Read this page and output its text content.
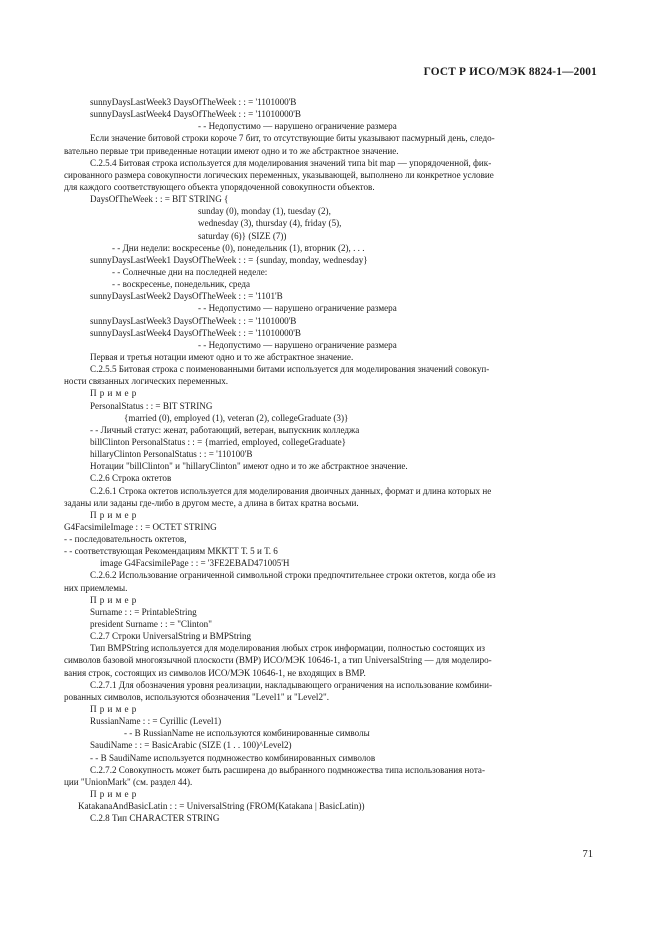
ГОСТ Р ИСО/МЭК 8824-1—2001
sunnyDaysLastWeek3 DaysOfTheWeek : : = '1101000'B
sunnyDaysLastWeek4 DaysOfTheWeek : : = '11010000'B
- - Недопустимо — нарушено ограничение размера
Если значение битовой строки короче 7 бит, то отсутствующие биты указывают пасмурный день, следо-
вательно первые три приведенные нотации имеют одно и то же абстрактное значение.
C.2.5.4 Битовая строка используется для моделирования значений типа bit map — упорядоченной, фик-
сированного размера совокупности логических переменных, указывающей, выполнено ли конкретное условие
для каждого соответствующего объекта упорядоченной совокупности объектов.
DaysOfTheWeek : : = BIT STRING {
sunday (0), monday (1), tuesday (2),
wednesday (3), thursday (4), friday (5),
saturday (6)} (SIZE (7))
- - Дни недели: воскресенье (0), понедельник (1), вторник (2), . . .
sunnyDaysLastWeek1 DaysOfTheWeek : : = {sunday, monday, wednesday}
- - Солнечные дни на последней неделе:
- - воскресенье, понедельник, среда
sunnyDaysLastWeek2 DaysOfTheWeek : : = '1101'B
- - Недопустимо — нарушено ограничение размера
sunnyDaysLastWeek3 DaysOfTheWeek : : = '1101000'B
sunnyDaysLastWeek4 DaysOfTheWeek : : = '11010000'B
- - Недопустимо — нарушено ограничение размера
Первая и третья нотации имеют одно и то же абстрактное значение.
C.2.5.5 Битовая строка с поименованными битами используется для моделирования значений совокуп-
ности связанных логических переменных.
Пример
PersonalStatus : : = BIT STRING
{married (0), employed (1), veteran (2), collegeGraduate (3)}
- - Личный статус: женат, работающий, ветеран, выпускник колледжа
billClinton PersonalStatus : : = {married, employed, collegeGraduate}
hillaryClinton PersonalStatus : : = '110100'B
Нотации "billClinton" и "hillaryClinton" имеют одно и то же абстрактное значение.
C.2.6 Строка октетов
C.2.6.1 Строка октетов используется для моделирования двоичных данных, формат и длина которых не
заданы или заданы где-либо в другом месте, а длина в битах кратна восьми.
Пример
G4FacsimileImage : : = OCTET STRING
- - последовательность октетов,
- - соответствующая Рекомендациям МККТТ Т. 5 и Т. 6
image G4FacsimilePage : : = '3FE2EBAD471005'H
C.2.6.2 Использование ограниченной символьной строки предпочтительнее строки октетов, когда обе из
них приемлемы.
Пример
Surname : : = PrintableString
president Surname : : = "Clinton"
C.2.7 Строки UniversalString и BMPString
Тип BMPString используется для моделирования любых строк информации, полностью состоящих из
символов базовой многоязычной плоскости (BMP) ИСО/МЭК 10646-1, а тип UniversalString — для моделиро-
вания строк, состоящих из символов ИСО/МЭК 10646-1, не входящих в BMP.
C.2.7.1 Для обозначения уровня реализации, накладывающего ограничения на использование комбини-
рованных символов, используются обозначения "Level1" и "Level2".
Пример
RussianName : : = Cyrillic (Level1)
- - В RussianName не используются комбинированные символы
SaudiName : : = BasicArabic (SIZE (1 . . 100)^Level2)
- - В SaudiName используется подмножество комбинированных символов
C.2.7.2 Совокупность может быть расширена до выбранного подмножества типа использования нота-
ции "UnionMark" (см. раздел 44).
Пример
KatakanaAndBasicLatin : : = UniversalString (FROM(Katakana | BasicLatin))
C.2.8 Тип CHARACTER STRING
71
